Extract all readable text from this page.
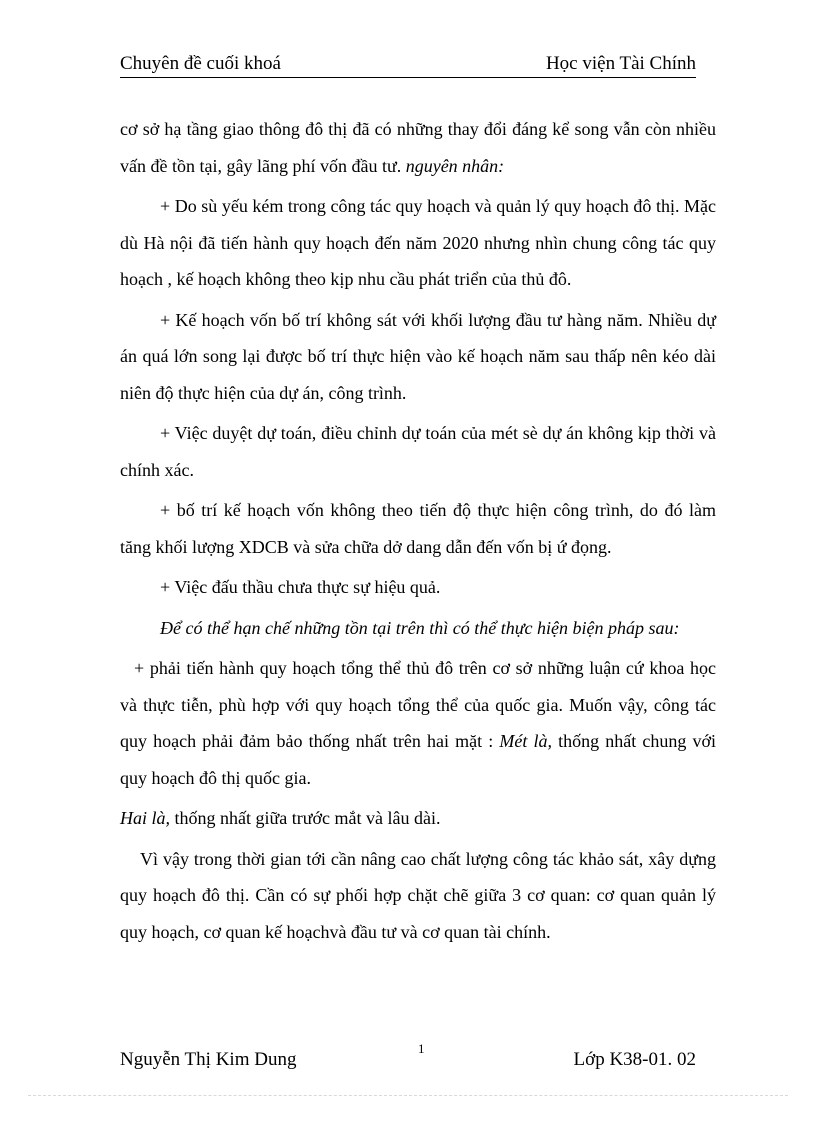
Chuyên đề cuối khoá	Học viện Tài Chính

cơ sở hạ tầng giao thông đô thị đã có những thay đổi đáng kể song vẫn còn nhiều vấn đề tồn tại, gây lãng phí vốn đầu tư. nguyên nhân:

+ Do sù yếu kém trong công tác quy hoạch và quản lý quy hoạch đô thị. Mặc dù Hà nội đã tiến hành quy hoạch đến năm 2020 nhưng nhìn chung công tác quy hoạch , kế hoạch không theo kịp nhu cầu phát triển của thủ đô.

+ Kế hoạch vốn bố trí không sát với khối lượng đầu tư hàng năm. Nhiều dự án quá lớn song lại được bố trí thực hiện vào kế hoạch năm sau thấp nên kéo dài niên độ thực hiện của dự án, công trình.

+ Việc duyệt dự toán, điều chỉnh dự toán của mét sè dự án không kịp thời và chính xác.

+ bố trí kế hoạch vốn không theo tiến độ thực hiện công trình, do đó làm tăng khối lượng XDCB và sửa chữa dở dang dẫn đến vốn bị ứ đọng.

+ Việc đấu thầu chưa thực sự hiệu quả.

Để có thể hạn chế những tồn tại trên thì có thể thực hiện biện pháp sau:

+ phải tiến hành quy hoạch tổng thể thủ đô trên cơ sở những luận cứ khoa học và thực tiễn, phù hợp với quy hoạch tổng thể của quốc gia. Muốn vậy, công tác quy hoạch phải đảm bảo thống nhất trên hai mặt : Mét là, thống nhất chung với quy hoạch đô thị quốc gia.

Hai là, thống nhất giữa trước mắt và lâu dài.

Vì vậy trong thời gian tới cần nâng cao chất lượng công tác khảo sát, xây dựng quy hoạch đô thị. Cần có sự phối hợp chặt chẽ giữa 3 cơ quan: cơ quan quản lý quy hoạch, cơ quan kế hoạchvà đầu tư và cơ quan tài chính.

Nguyễn Thị Kim Dung
1
Lớp K38-01. 02
